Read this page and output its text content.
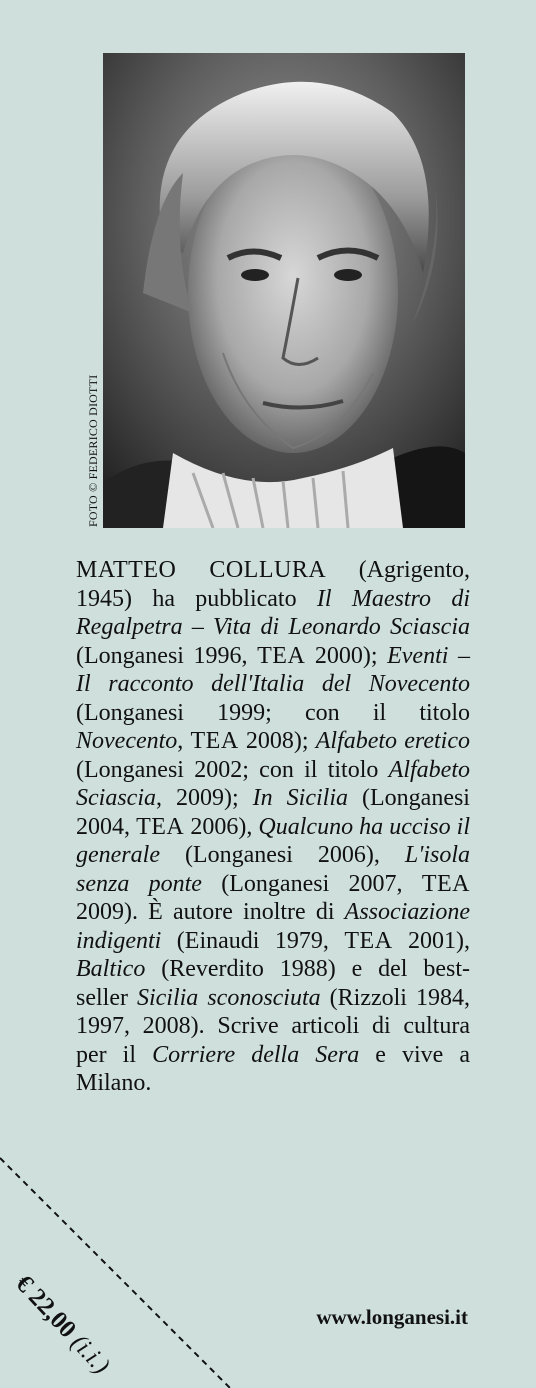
FOTO © FEDERICO DIOTTI
MATTEO COLLURA (Agrigento, 1945) ha pubblicato Il Maestro di Regalpetra – Vita di Leonardo Sciascia (Longanesi 1996, TEA 2000); Eventi – Il racconto dell'Italia del Novecento (Longanesi 1999; con il titolo Novecento, TEA 2008); Alfabeto eretico (Longanesi 2002; con il titolo Alfabeto Sciascia, 2009); In Sicilia (Longanesi 2004, TEA 2006), Qualcuno ha ucciso il generale (Longanesi 2006), L'isola senza ponte (Longanesi 2007, TEA 2009). È autore inoltre di Associazione indigenti (Einaudi 1979, TEA 2001), Baltico (Reverdito 1988) e del best-seller Sicilia sconosciuta (Rizzoli 1984, 1997, 2008). Scrive articoli di cultura per il Corriere della Sera e vive a Milano.
€ 22,00 (i.i.)
www.longanesi.it
